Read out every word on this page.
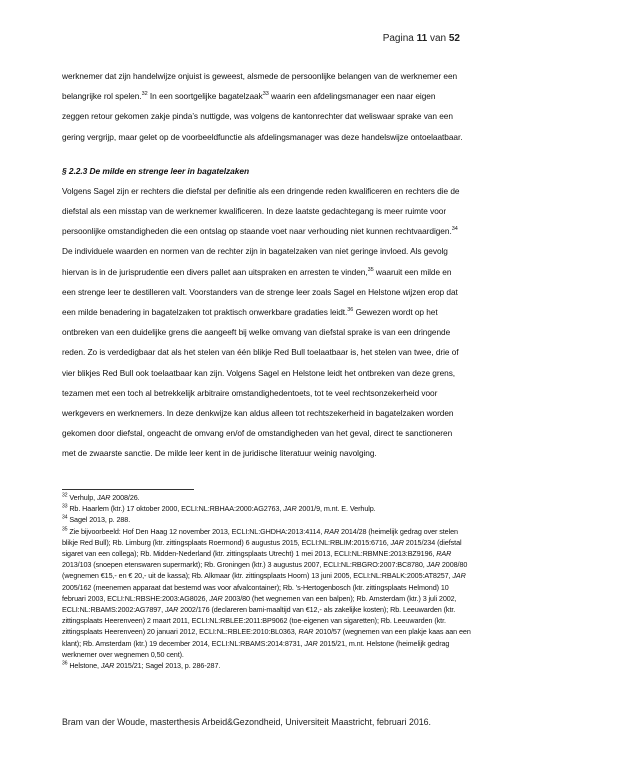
Pagina 11 van 52

werknemer dat zijn handelwijze onjuist is geweest, alsmede de persoonlijke belangen van de werknemer een belangrijke rol spelen.$^{32}$ In een soortgelijke bagatelzaak$^{33}$ waarin een afdelingsmanager een naar eigen zeggen retour gekomen zakje pinda’s nuttigde, was volgens de kantonrechter dat weliswaar sprake van een gering vergrijp, maar gelet op de voorbeeldfunctie als afdelingsmanager was deze handelswijze ontoelaatbaar.

§ 2.2.3 De milde en strenge leer in bagatelzaken

Volgens Sagel zijn er rechters die diefstal per definitie als een dringende reden kwalificeren en rechters die de diefstal als een misstap van de werknemer kwalificeren. In deze laatste gedachtegang is meer ruimte voor persoonlijke omstandigheden die een ontslag op staande voet naar verhouding niet kunnen rechtvaardigen.$^{34}$ De individuele waarden en normen van de rechter zijn in bagatelzaken van niet geringe invloed. Als gevolg hiervan is in de jurisprudentie een divers pallet aan uitspraken en arresten te vinden,$^{35}$ waaruit een milde en een strenge leer te destilleren valt. Voorstanders van de strenge leer zoals Sagel en Helstone wijzen erop dat een milde benadering in bagatelzaken tot praktisch onwerkbare gradaties leidt.$^{36}$ Gewezen wordt op het ontbreken van een duidelijke grens die aangeeft bij welke omvang van diefstal sprake is van een dringende reden. Zo is verdedigbaar dat als het stelen van één blikje Red Bull toelaatbaar is, het stelen van twee, drie of vier blikjes Red Bull ook toelaatbaar kan zijn. Volgens Sagel en Helstone leidt het ontbreken van deze grens, tezamen met een toch al betrekkelijk arbitraire omstandighedentoets, tot te veel rechtsonzekerheid voor werkgevers en werknemers. In deze denkwijze kan aldus alleen tot rechtszekerheid in bagatelzaken worden gekomen door diefstal, ongeacht de omvang en/of de omstandigheden van het geval, direct te sanctioneren met de zwaarste sanctie. De milde leer kent in de juridische literatuur weinig navolging.

$^{32}$ Verhulp, JAR 2008/26.

$^{33}$ Rb. Haarlem (ktr.) 17 oktober 2000, ECLI:NL:RBHAA:2000:AG2763, JAR 2001/9, m.nt. E. Verhulp.

$^{34}$ Sagel 2013, p. 288.

$^{35}$ Zie bijvoorbeeld: Hof Den Haag 12 november 2013, ECLI:NL:GHDHA:2013:4114, RAR 2014/28 (heimelijk gedrag over stelen blikje Red Bull); Rb. Limburg (ktr. zittingsplaats Roermond) 6 augustus 2015, ECLI:NL:RBLIM:2015:6716, JAR 2015/234 (diefstal sigaret van een collega); Rb. Midden-Nederland (ktr. zittingsplaats Utrecht) 1 mei 2013, ECLI:NL:RBMNE:2013:BZ9196, RAR 2013/103 (snoepen etenswaren supermarkt); Rb. Groningen (ktr.) 3 augustus 2007, ECLI:NL:RBGRO:2007:BC8780, JAR 2008/80 (wegnemen €15,- en € 20,- uit de kassa); Rb. Alkmaar (ktr. zittingsplaats Hoorn) 13 juni 2005, ECLI:NL:RBALK:2005:AT8257, JAR 2005/162 (meenemen apparaat dat bestemd was voor afvalcontainer); Rb. ’s-Hertogenbosch (ktr. zittingsplaats Helmond) 10 februari 2003, ECLI:NL:RBSHE:2003:AG8026, JAR 2003/80 (het wegnemen van een balpen); Rb. Amsterdam (ktr.) 3 juli 2002, ECLI:NL:RBAMS:2002:AG7897, JAR 2002/176 (declareren bami-maaltijd van €12,- als zakelijke kosten); Rb. Leeuwarden (ktr. zittingsplaats Heerenveen) 2 maart 2011, ECLI:NL:RBLEE:2011:BP9062 (toe-eigenen van sigaretten); Rb. Leeuwarden (ktr. zittingsplaats Heerenveen) 20 januari 2012, ECLI:NL:RBLEE:2010:BL0363, RAR 2010/57 (wegnemen van een plakje kaas aan een klant); Rb. Amsterdam (ktr.) 19 december 2014, ECLI:NL:RBAMS:2014:8731, JAR 2015/21, m.nt. Helstone (heimelijk gedrag werknemer over wegnemen 0,50 cent).

$^{36}$ Helstone, JAR 2015/21; Sagel 2013, p. 286-287.

Bram van der Woude, masterthesis Arbeid&Gezondheid, Universiteit Maastricht, februari 2016.
